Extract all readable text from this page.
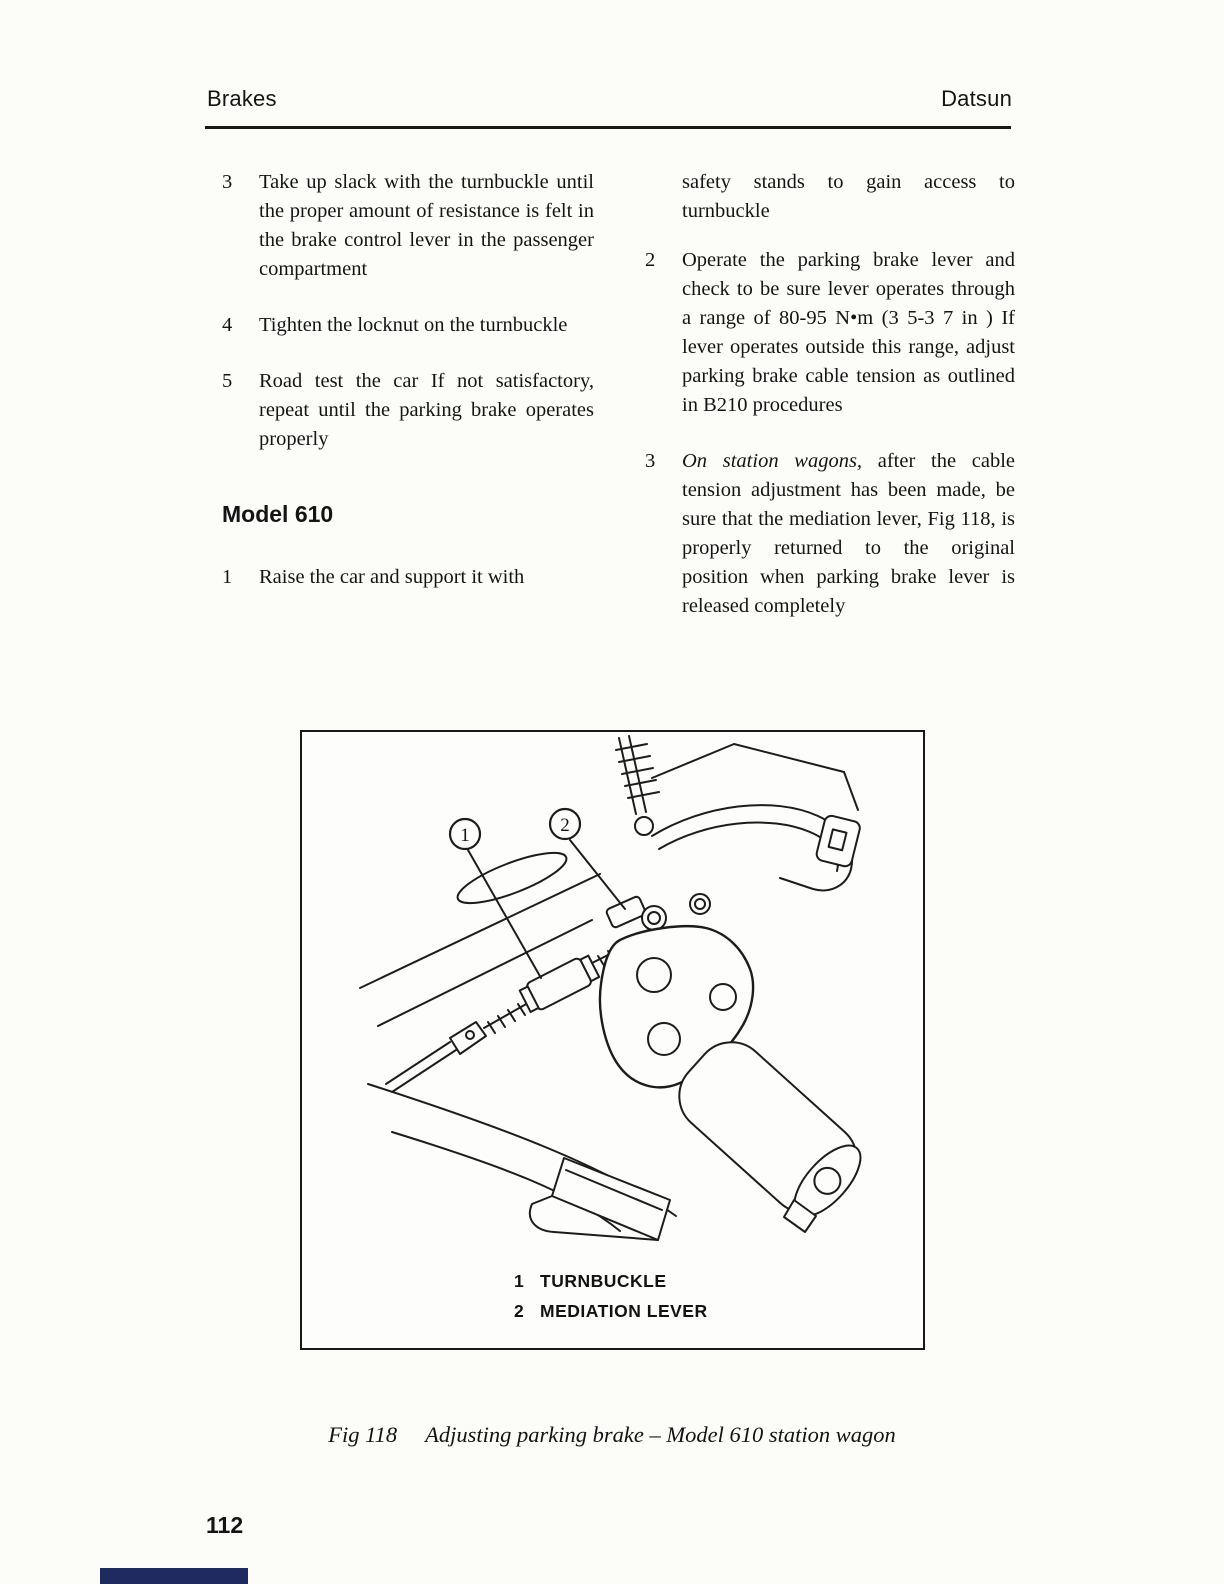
Brakes	Datsun
3	Take up slack with the turnbuckle until the proper amount of resistance is felt in the brake control lever in the passenger compartment

4	Tighten the locknut on the turnbuckle

5	Road test the car If not satisfactory, repeat until the parking brake operates properly

Model 610
1	Raise the car and support it with

safety stands to gain access to turnbuckle

2	Operate the parking brake lever and check to be sure lever operates through a range of 80-95 N•m (3 5-3 7 in ) If lever operates outside this range, adjust parking brake cable tension as outlined in B210 procedures

3	On station wagons, after the cable tension adjustment has been made, be sure that the mediation lever, Fig 118, is properly returned to the original position when parking brake lever is released completely

1	2
1 TURNBUCKLE
2 MEDIATION LEVER
Fig 118 Adjusting parking brake – Model 610 station wagon
112
